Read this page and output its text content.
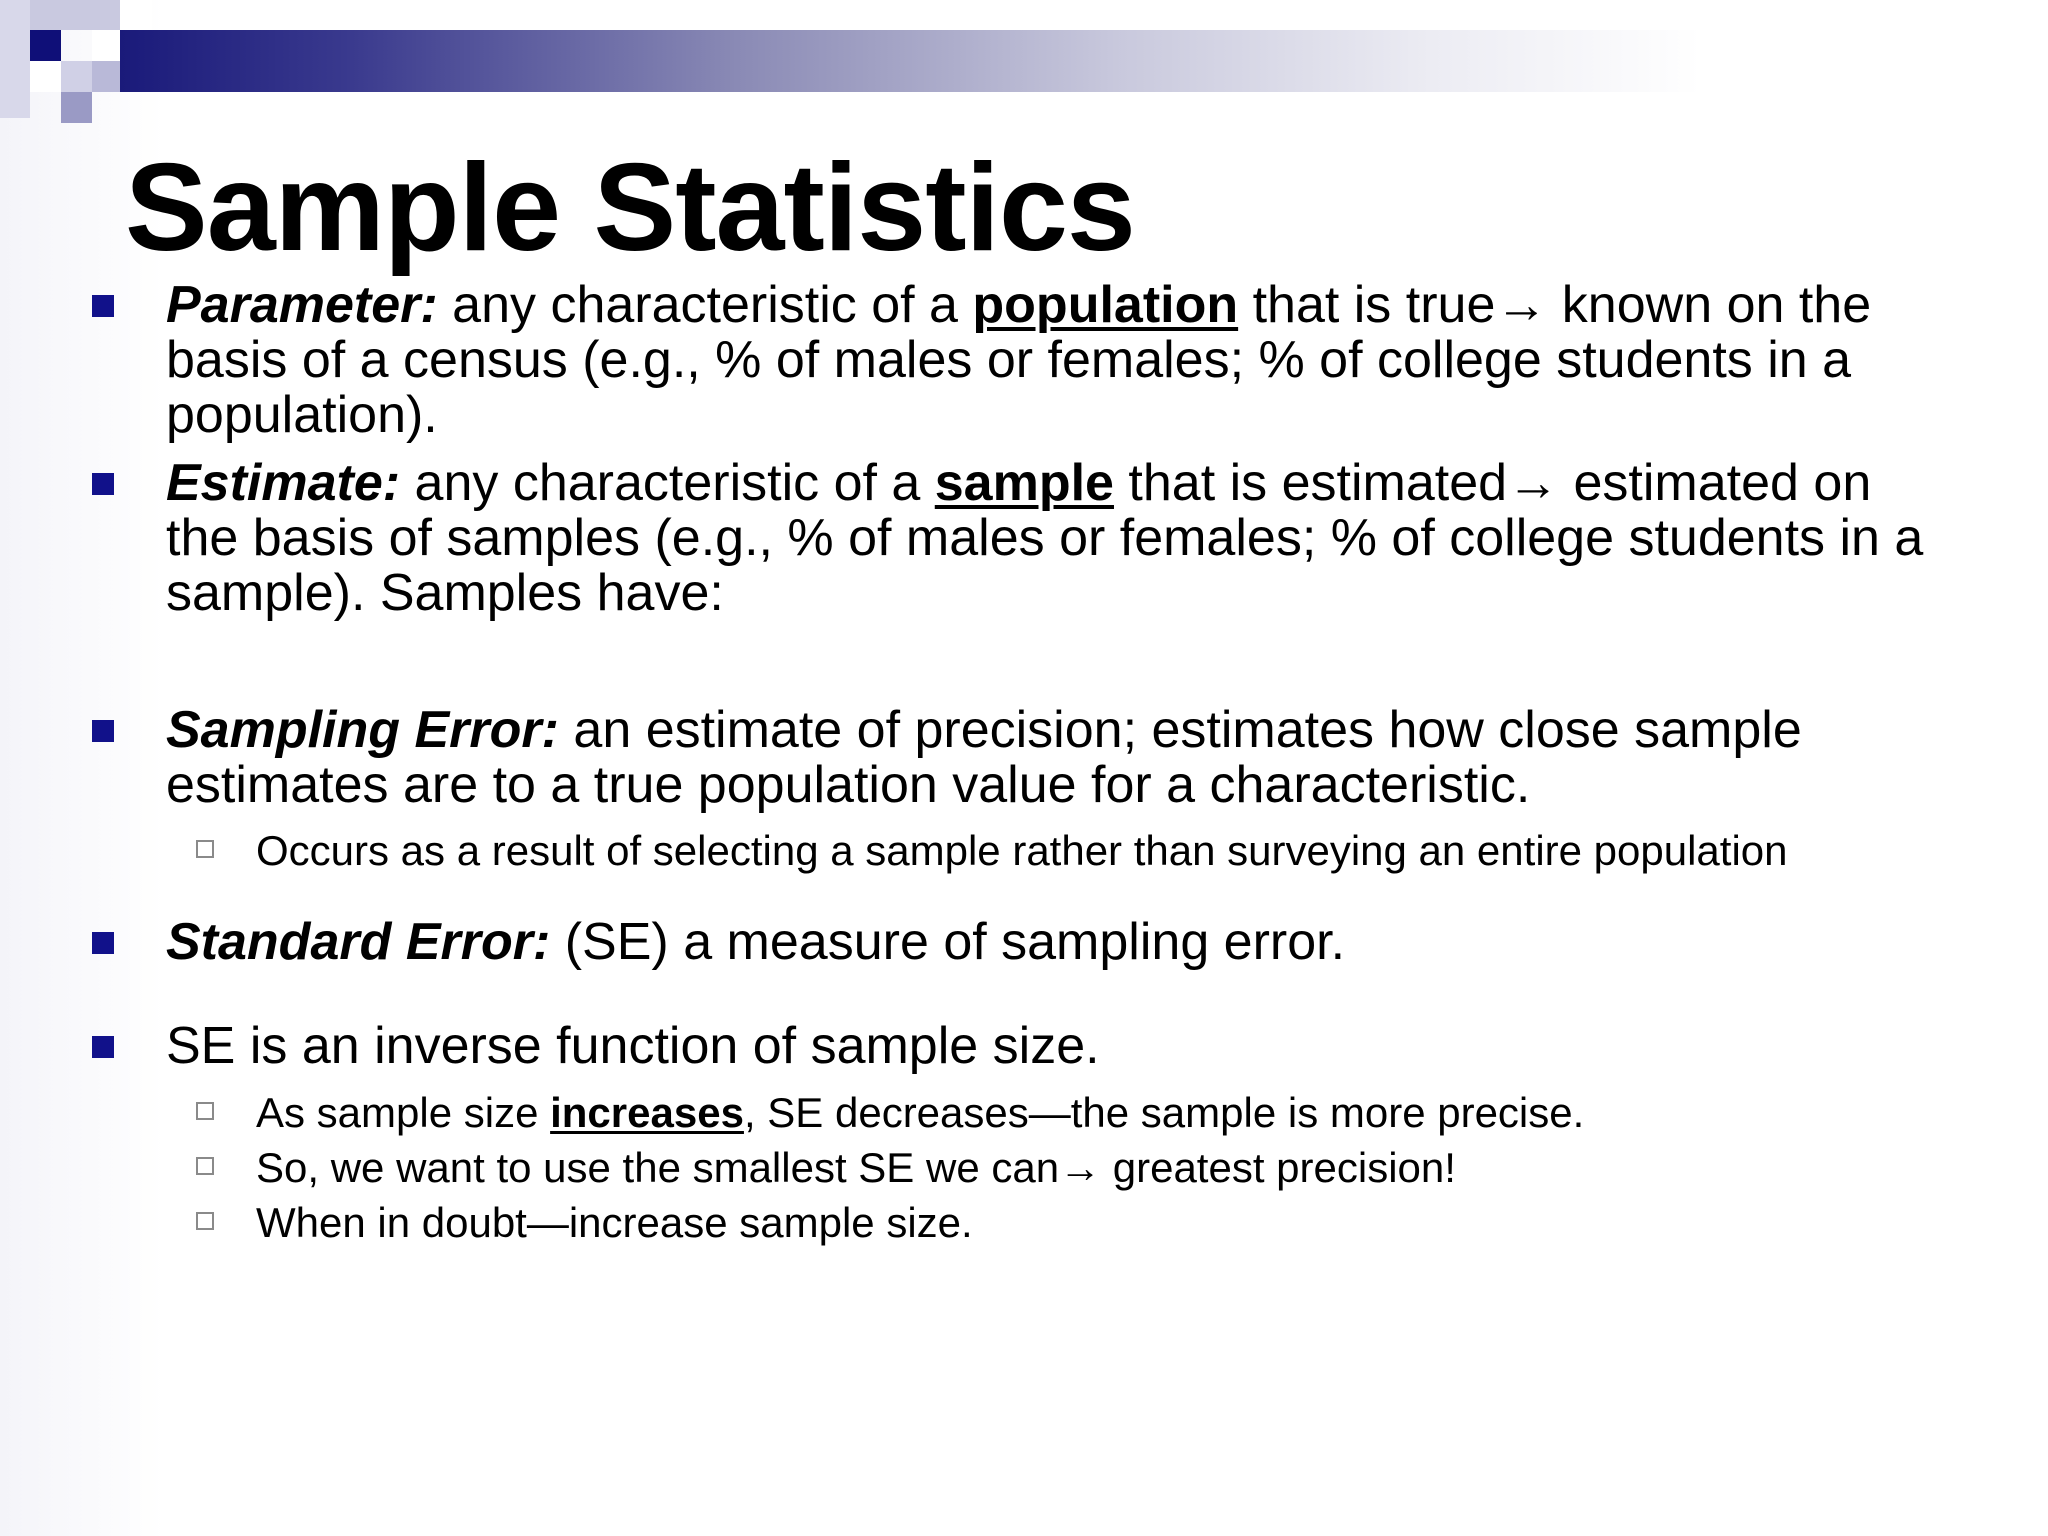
Sample Statistics
Parameter: any characteristic of a population that is true→ known on the basis of a census (e.g., % of males or females; % of college students in a population).
Estimate: any characteristic of a sample that is estimated→ estimated on the basis of samples (e.g., % of males or females; % of college students in a sample). Samples have:
Sampling Error: an estimate of precision; estimates how close sample estimates are to a true population value for a characteristic.
Occurs as a result of selecting a sample rather than surveying an entire population
Standard Error: (SE) a measure of sampling error.
SE is an inverse function of sample size.
As sample size increases, SE decreases—the sample is more precise.
So, we want to use the smallest SE we can→ greatest precision!
When in doubt—increase sample size.
